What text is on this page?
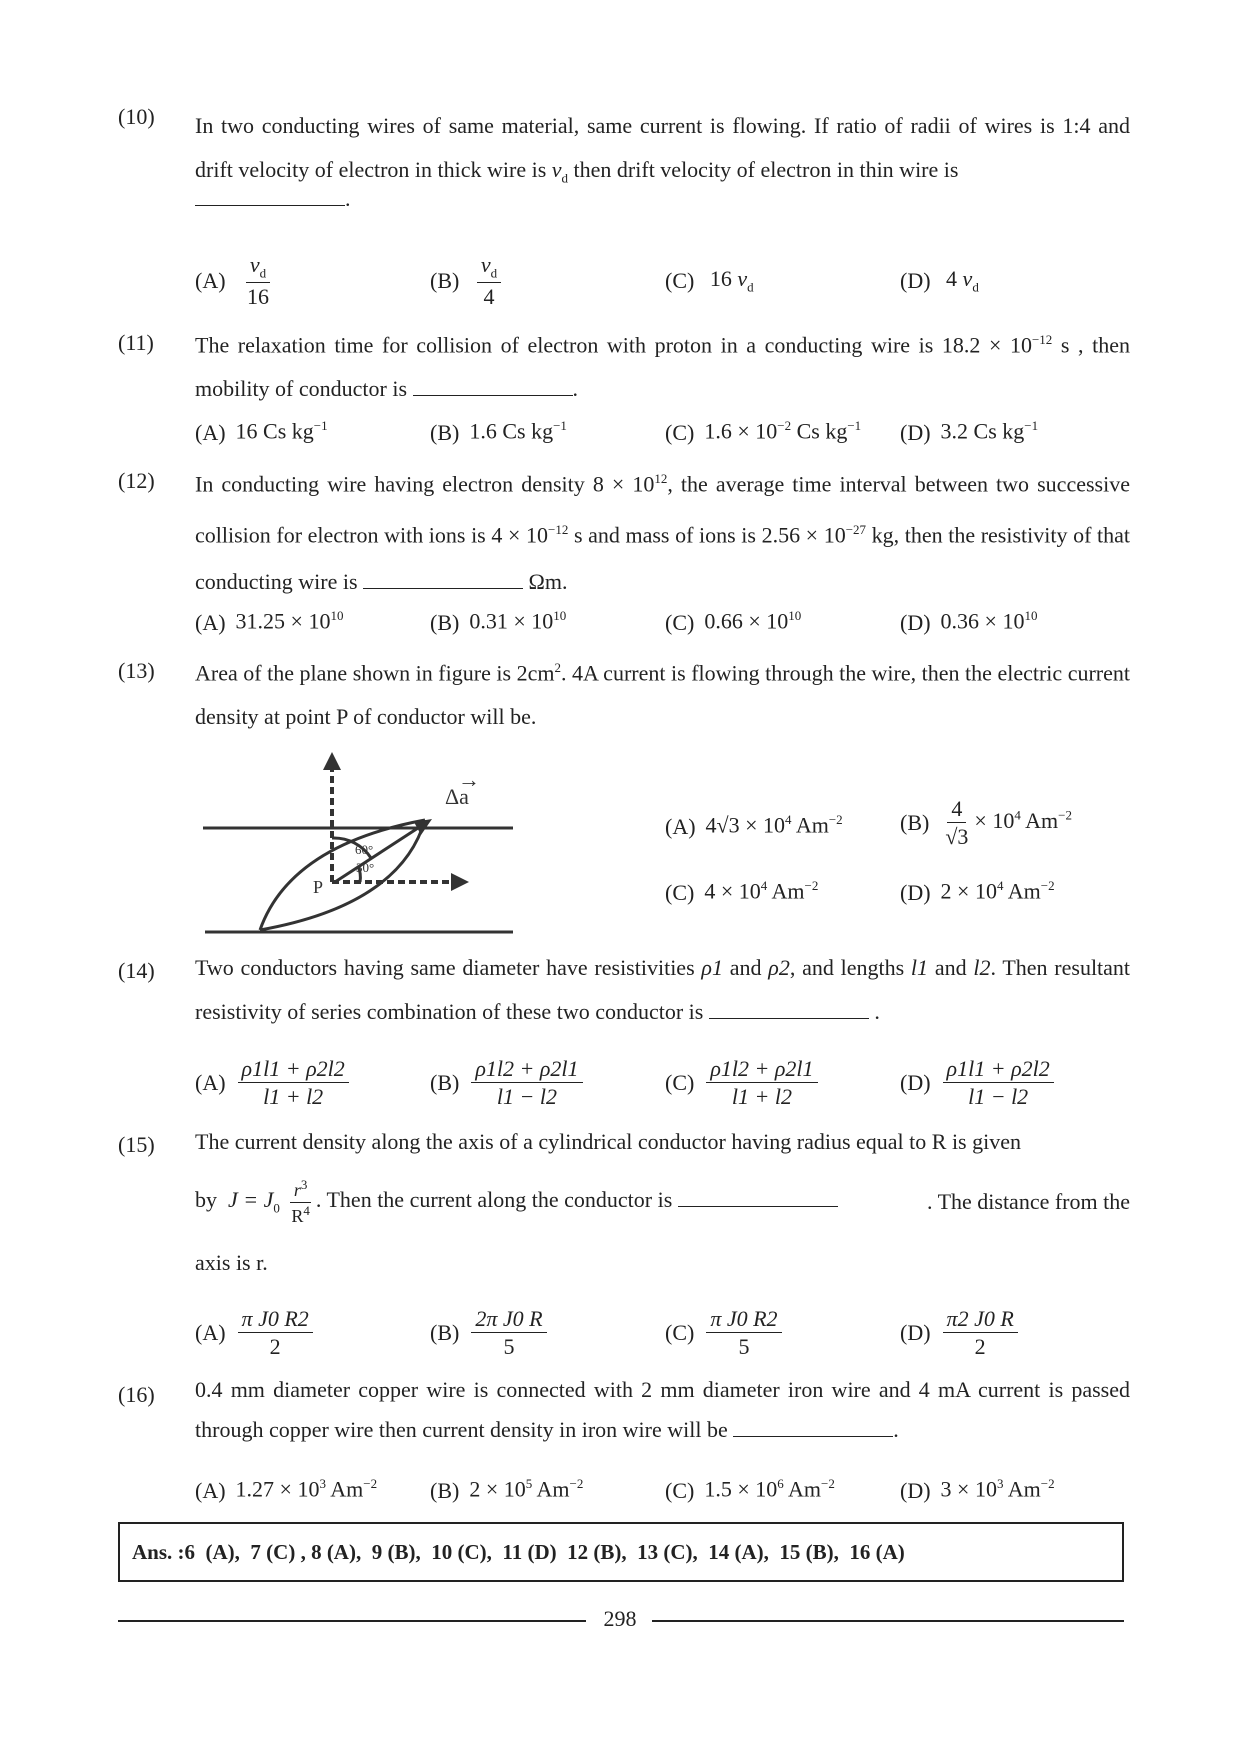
(10) In two conducting wires of same material, same current is flowing. If ratio of radii of wires is 1:4 and drift velocity of electron in thick wire is $v_d$ then drift velocity of electron in thin wire is
.
$(A) \frac{v_d}{16}$	$(B) \frac{v_d}{4}$	(C) 16 $v_d$	(D) 4 $v_d$
(11) The relaxation time for collision of electron with proton in a conducting wire is $18.2 \times 10^{-12}$ s , then mobility of conductor is	.
(A) 16 Cs $kg^{-1}$	(B) 1.6 Cs $kg^{-1}$	(C) $1.6 \times 10^{-2}$ Cs $kg^{-1}$ (D) 3.2 Cs $kg^{-1}$
(12) In conducting wire having electron density $8 \times 10^{12}$, the average time interval between two successive collision for electron with ions is $4 \times 10^{-12}$ s and mass of ions is $2.56 \times 10^{-27}$ kg, then the resistivity of that conducting wire is	Ωm.
(A) $31.25 \times 10^{10}$	(B) $0.31 \times 10^{10}$	(C) $0.66 \times 10^{10}$	(D) $0.36 \times 10^{10}$
(13) Area of the plane shown in figure is $2cm^2$. 4A current is flowing through the wire, then the electric current density at point P of conductor will be.
60°
30°
P
Δa
→
(A) $4√3 \times 10^4$ $Am^{-2}$	$(B) \frac{4}{√3} \times 10^4$ $Am^{-2}$
(C) $4 \times 10^4$ $Am^{-2}$	(D) $2 \times 10^4$ $Am^{-2}$
(14) Two conductors having same diameter have resistivities ρ1 and ρ2, and lengths l1 and l2. Then resultant resistivity of series combination of these two conductor is	.
$(A) \frac{\rho 1l1 + \rho 2l2}{l1 + l2}$	$(B) \frac{\rho 1l2 + \rho 2l1}{l1 - l2}$	$(C) \frac{\rho 1l2 + \rho 2l1}{l1 + l2}$	$(D) \frac{\rho 1l1 + \rho 2l2}{l1 - l2}$
(15) The current density along the axis of a cylindrical conductor having radius equal to R is given
by $J = J_0 \frac{r^3}{R^4}$ . Then the current along the conductor is	. The distance from the
axis is r.
$(A) \frac{\text{π J0 R2}}{2}$	$(B) \frac{\text{2π J0 R}}{5}$	$(C) \frac{\text{π J0 R2}}{5}$	$(D) \frac{\pi 2 J0 R}{2}$
(16) 0.4 mm diameter copper wire is connected with 2 mm diameter iron wire and 4 mA current is passed through copper wire then current density in iron wire will be	.
(A) $1.27 \times 10^3$ $Am^{-2}$ (B) $2 \times 10^5$ $Am^{-2}$	(C) $1.5 \times 10^6$ $Am^{-2}$	(D) $3 \times 10^3$ $Am^{-2}$
Ans. :6  (A),  7 (C) , 8 (A),  9 (B),  10 (C),  11 (D)  12 (B),  13 (C),  14 (A),  15 (B),  16 (A)
298
